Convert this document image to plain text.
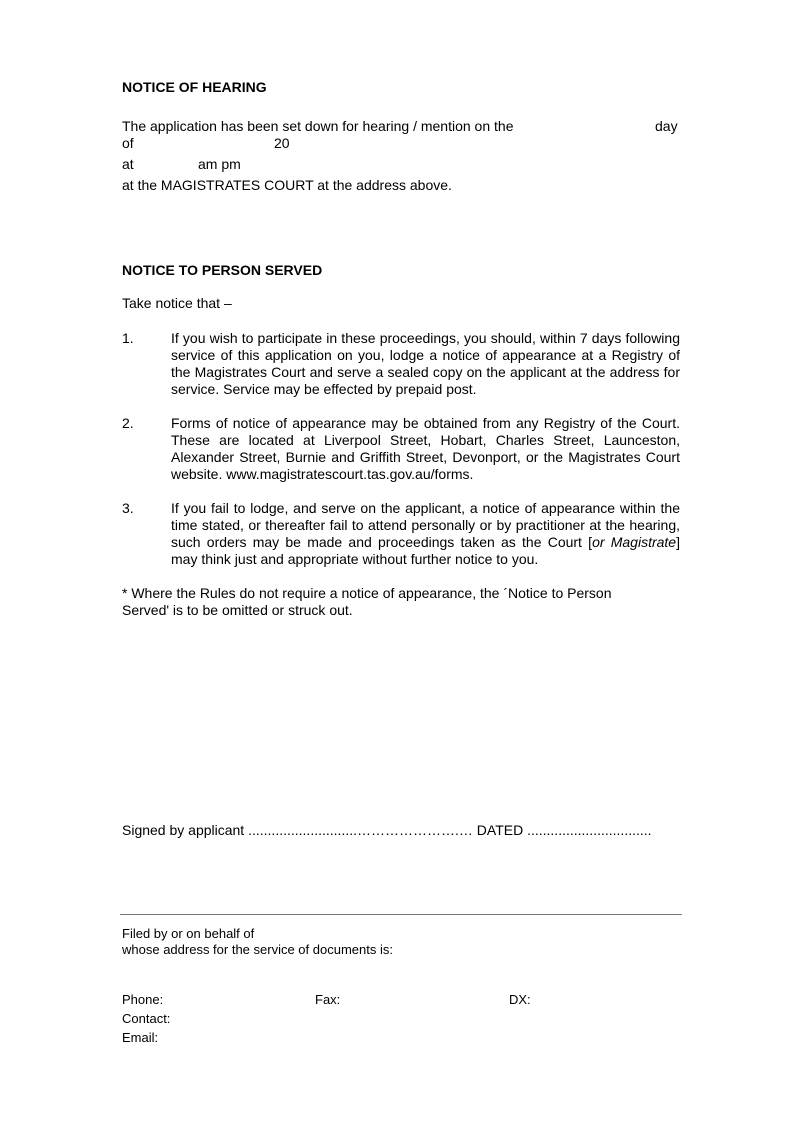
NOTICE OF HEARING
The application has been set down for hearing / mention on the	day
of	20
at	am pm
at the MAGISTRATES COURT at the address above.
NOTICE TO PERSON SERVED
Take notice that –
1.	If you wish to participate in these proceedings, you should, within 7 days following service of this application on you, lodge a notice of appearance at a Registry of the Magistrates Court and serve a sealed copy on the applicant at the address for service. Service may be effected by prepaid post.
2.	Forms of notice of appearance may be obtained from any Registry of the Court. These are located at Liverpool Street, Hobart, Charles Street, Launceston, Alexander Street, Burnie and Griffith Street, Devonport, or the Magistrates Court website. www.magistratescourt.tas.gov.au/forms.
3.	If you fail to lodge, and serve on the applicant, a notice of appearance within the time stated, or thereafter fail to attend personally or by practitioner at the hearing, such orders may be made and proceedings taken as the Court [or Magistrate] may think just and appropriate without further notice to you.
* Where the Rules do not require a notice of appearance, the ´Notice to Person Served' is to be omitted or struck out.
Signed by applicant ............................………………….… DATED ................................
Filed by or on behalf of
whose address for the service of documents is:
Phone:	Fax:	DX:
Contact:
Email:
